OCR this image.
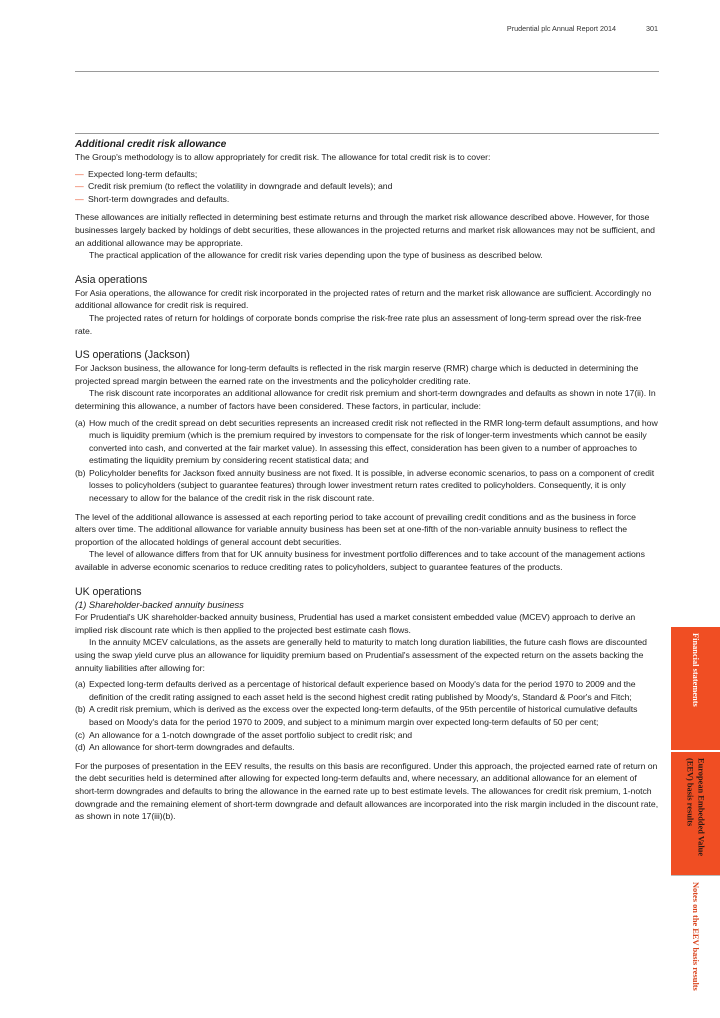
Prudential plc Annual Report 2014	301

Additional credit risk allowance

The Group's methodology is to allow appropriately for credit risk. The allowance for total credit risk is to cover:

— Expected long-term defaults;
— Credit risk premium (to reflect the volatility in downgrade and default levels); and
— Short-term downgrades and defaults.

These allowances are initially reflected in determining best estimate returns and through the market risk allowance described above. However, for those businesses largely backed by holdings of debt securities, these allowances in the projected returns and market risk allowances may not be sufficient, and an additional allowance may be appropriate.

The practical application of the allowance for credit risk varies depending upon the type of business as described below.

Asia operations

For Asia operations, the allowance for credit risk incorporated in the projected rates of return and the market risk allowance are sufficient. Accordingly no additional allowance for credit risk is required.

The projected rates of return for holdings of corporate bonds comprise the risk-free rate plus an assessment of long-term spread over the risk-free rate.

US operations (Jackson)

For Jackson business, the allowance for long-term defaults is reflected in the risk margin reserve (RMR) charge which is deducted in determining the projected spread margin between the earned rate on the investments and the policyholder crediting rate.

The risk discount rate incorporates an additional allowance for credit risk premium and short-term downgrades and defaults as shown in note 17(ii). In determining this allowance, a number of factors have been considered. These factors, in particular, include:

(a) How much of the credit spread on debt securities represents an increased credit risk not reflected in the RMR long-term default assumptions, and how much is liquidity premium (which is the premium required by investors to compensate for the risk of longer-term investments which cannot be easily converted into cash, and converted at the fair market value). In assessing this effect, consideration has been given to a number of approaches to estimating the liquidity premium by considering recent statistical data; and
(b) Policyholder benefits for Jackson fixed annuity business are not fixed. It is possible, in adverse economic scenarios, to pass on a component of credit losses to policyholders (subject to guarantee features) through lower investment return rates credited to policyholders. Consequently, it is only necessary to allow for the balance of the credit risk in the risk discount rate.

The level of the additional allowance is assessed at each reporting period to take account of prevailing credit conditions and as the business in force alters over time. The additional allowance for variable annuity business has been set at one-fifth of the non-variable annuity business to reflect the proportion of the allocated holdings of general account debt securities.

The level of allowance differs from that for UK annuity business for investment portfolio differences and to take account of the management actions available in adverse economic scenarios to reduce crediting rates to policyholders, subject to guarantee features of the products.

UK operations

(1) Shareholder-backed annuity business

For Prudential's UK shareholder-backed annuity business, Prudential has used a market consistent embedded value (MCEV) approach to derive an implied risk discount rate which is then applied to the projected best estimate cash flows.

In the annuity MCEV calculations, as the assets are generally held to maturity to match long duration liabilities, the future cash flows are discounted using the swap yield curve plus an allowance for liquidity premium based on Prudential's assessment of the expected return on the assets backing the annuity liabilities after allowing for:

(a) Expected long-term defaults derived as a percentage of historical default experience based on Moody's data for the period 1970 to 2009 and the definition of the credit rating assigned to each asset held is the second highest credit rating published by Moody's, Standard & Poor's and Fitch;
(b) A credit risk premium, which is derived as the excess over the expected long-term defaults, of the 95th percentile of historical cumulative defaults based on Moody's data for the period 1970 to 2009, and subject to a minimum margin over expected long-term defaults of 50 per cent;
(c) An allowance for a 1-notch downgrade of the asset portfolio subject to credit risk; and
(d) An allowance for short-term downgrades and defaults.

For the purposes of presentation in the EEV results, the results on this basis are reconfigured. Under this approach, the projected earned rate of return on the debt securities held is determined after allowing for expected long-term defaults and, where necessary, an additional allowance for an element of short-term downgrades and defaults to bring the allowance in the earned rate up to best estimate levels. The allowances for credit risk premium, 1-notch downgrade and the remaining element of short-term downgrade and default allowances are incorporated into the risk margin included in the discount rate, as shown in note 17(iii)(b).

Financial statements
European Embedded Value (EEV) basis results
Notes on the EEV basis results
